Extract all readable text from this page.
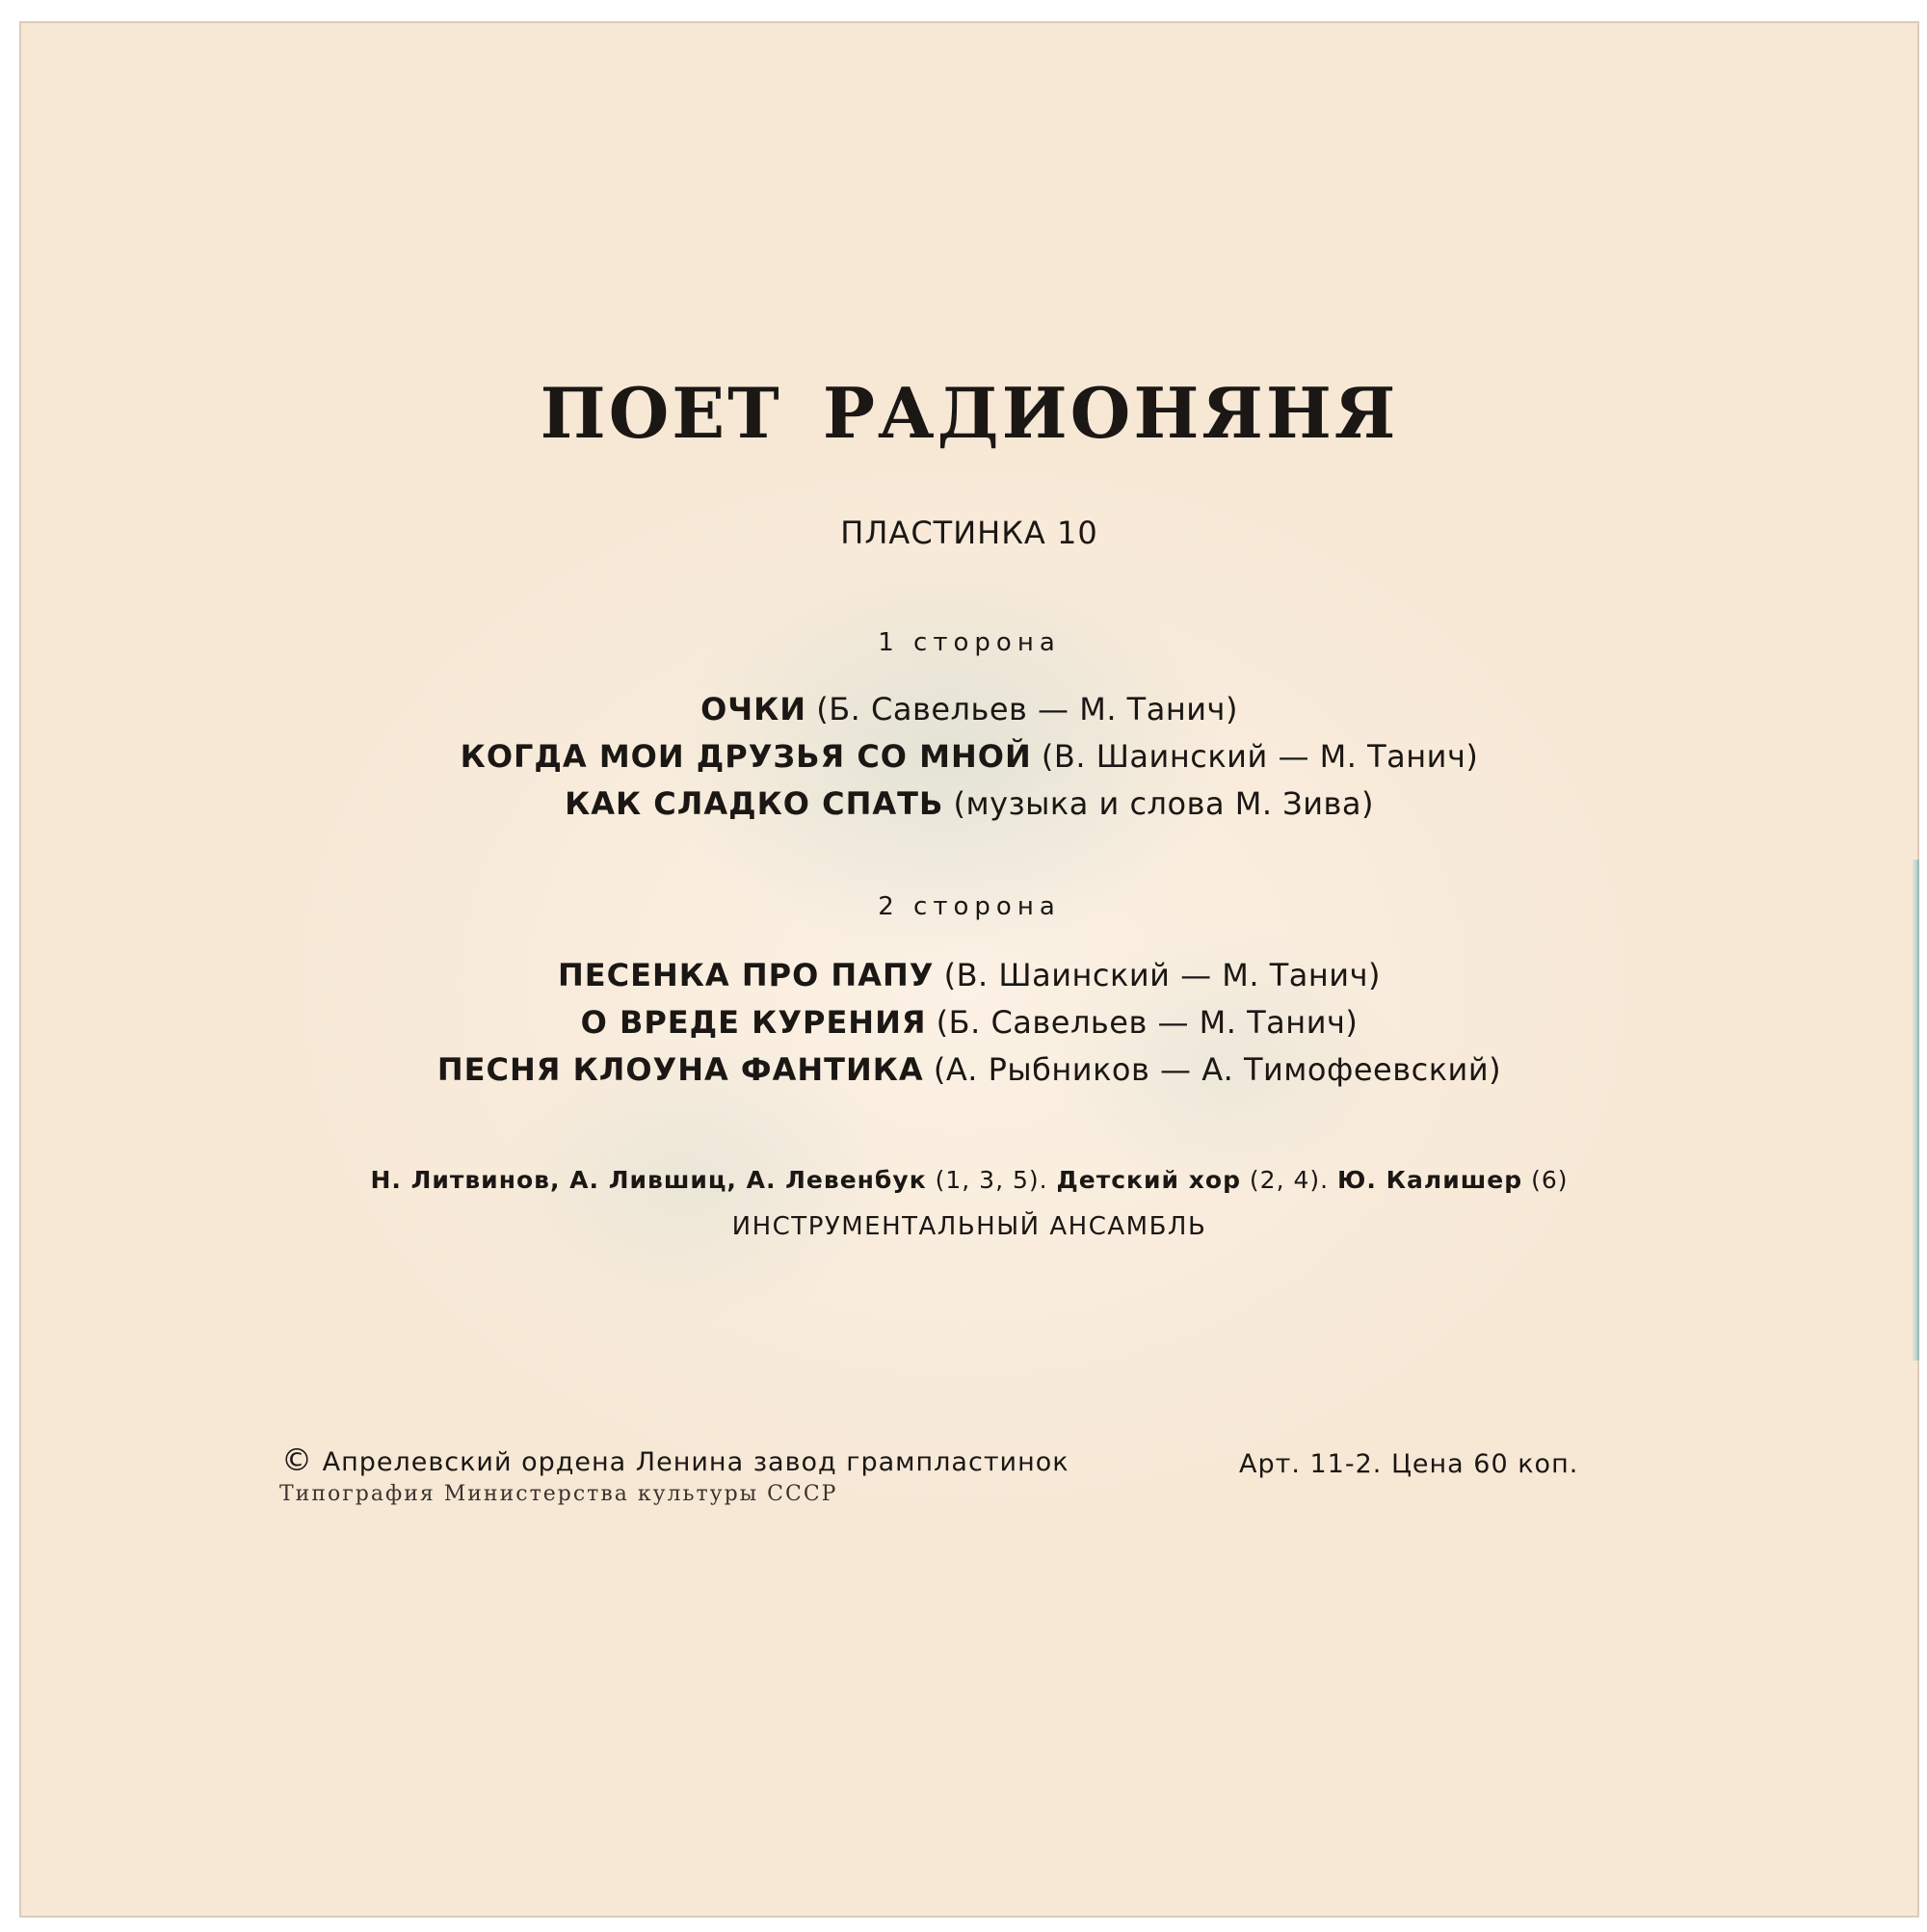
ПОЕТ РАДИОНЯНЯ
ПЛАСТИНКА 10
1 сторона
ОЧКИ (Б. Савельев — М. Танич)
КОГДА МОИ ДРУЗЬЯ СО МНОЙ (В. Шаинский — М. Танич)
КАК СЛАДКО СПАТЬ (музыка и слова М. Зива)
2 сторона
ПЕСЕНКА ПРО ПАПУ (В. Шаинский — М. Танич)
О ВРЕДЕ КУРЕНИЯ (Б. Савельев — М. Танич)
ПЕСНЯ КЛОУНА ФАНТИКА (А. Рыбников — А. Тимофеевский)
Н. Литвинов, А. Лившиц, А. Левенбук (1, 3, 5). Детский хор (2, 4). Ю. Калишер (6)
ИНСТРУМЕНТАЛЬНЫЙ АНСАМБЛЬ
© Апрелевский ордена Ленина завод грампластинок
Типография Министерства культуры СССР
Арт. 11-2. Цена 60 коп.
